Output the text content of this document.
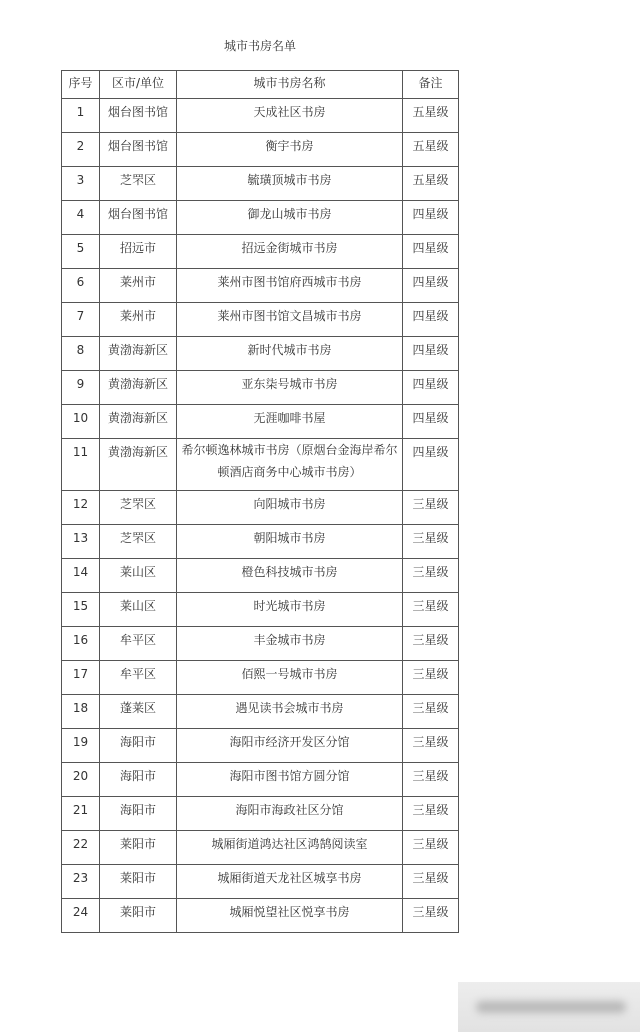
城市书房名单
序号	区市/单位	城市书房名称	备注
1	烟台图书馆	天成社区书房	五星级
2	烟台图书馆	衡宇书房	五星级
3	芝罘区	毓璜顶城市书房	五星级
4	烟台图书馆	御龙山城市书房	四星级
5	招远市	招远金街城市书房	四星级
6	莱州市	莱州市图书馆府西城市书房	四星级
7	莱州市	莱州市图书馆文昌城市书房	四星级
8	黄渤海新区	新时代城市书房	四星级
9	黄渤海新区	亚东柒号城市书房	四星级
10	黄渤海新区	无涯咖啡书屋	四星级
11	黄渤海新区	希尔顿逸林城市书房（原烟台金海岸希尔顿酒店商务中心城市书房）	四星级
12	芝罘区	向阳城市书房	三星级
13	芝罘区	朝阳城市书房	三星级
14	莱山区	橙色科技城市书房	三星级
15	莱山区	时光城市书房	三星级
16	牟平区	丰金城市书房	三星级
17	牟平区	佰熙一号城市书房	三星级
18	蓬莱区	遇见读书会城市书房	三星级
19	海阳市	海阳市经济开发区分馆	三星级
20	海阳市	海阳市图书馆方圆分馆	三星级
21	海阳市	海阳市海政社区分馆	三星级
22	莱阳市	城厢街道鸿达社区鸿鹄阅读室	三星级
23	莱阳市	城厢街道天龙社区城享书房	三星级
24	莱阳市	城厢悦望社区悦享书房	三星级
